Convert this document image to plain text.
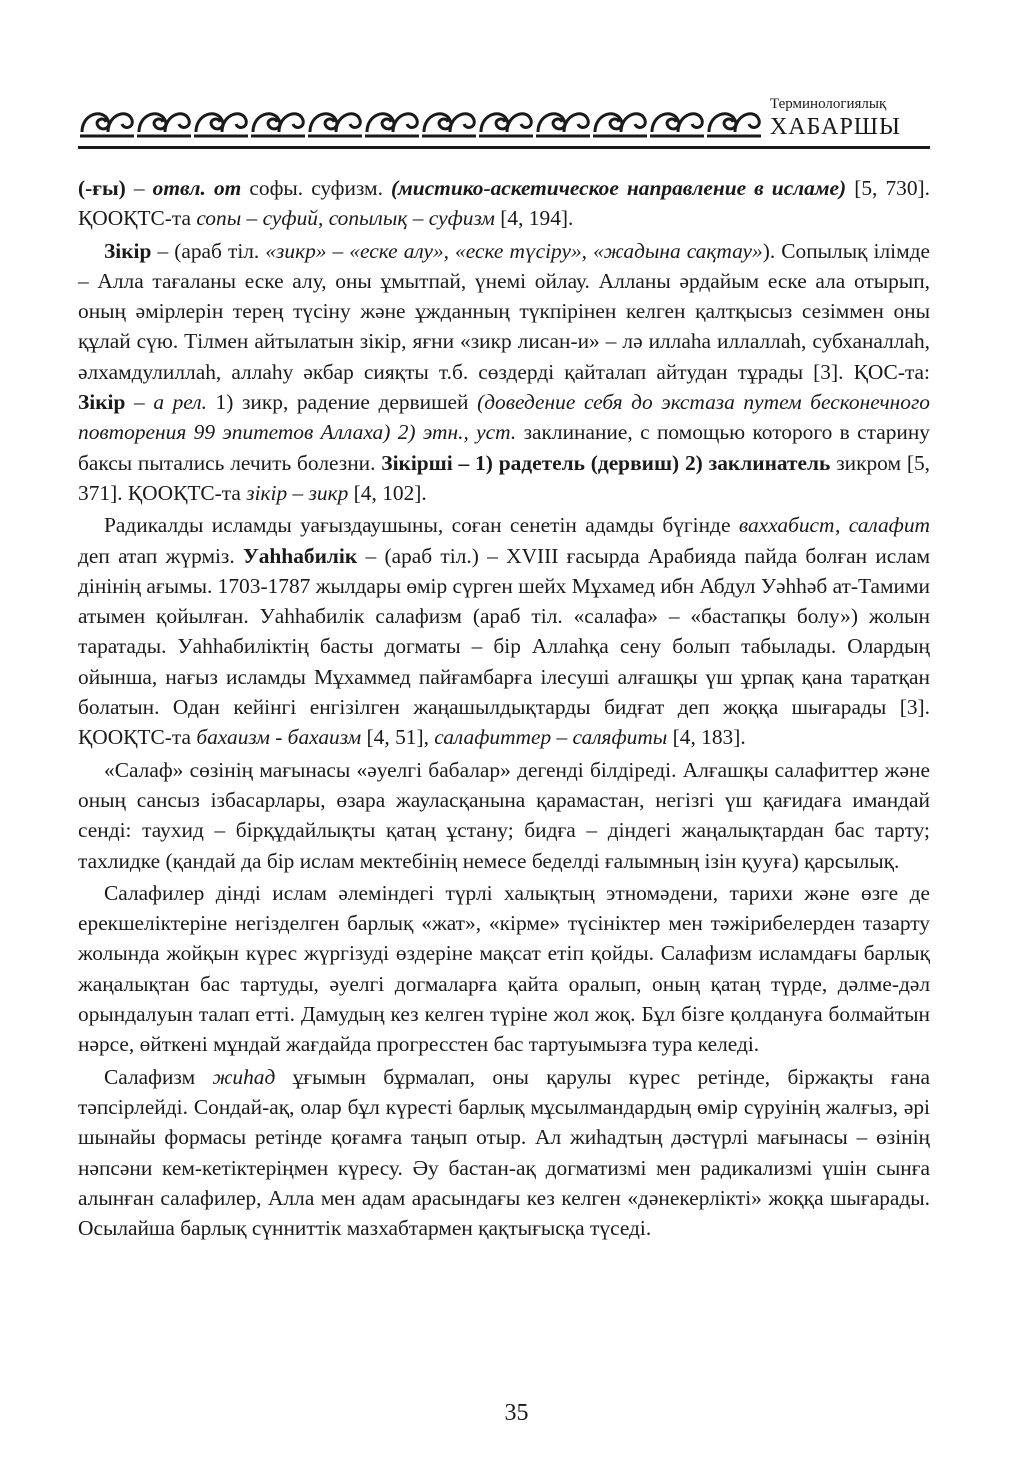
Терминологиялық
ХАБАРШЫ

(-ғы) – отвл. от софы. суфизм. (мистико-аскетическое направление в исламе) [5, 730]. ҚООҚТС-та сопы – суфий, сопылық – суфизм [4, 194].

Зікір – (араб тіл. «зикр» – «еске алу», «еске түсіру», «жадына сақтау»). Сопылық ілімде – Алла тағаланы еске алу, оны ұмытпай, үнемі ойлау. Алланы әрдайым еске ала отырып, оның әмірлерін терең түсіну және ұжданның түкпірінен келген қалтқысыз сезіммен оны құлай сүю. Тілмен айтылатын зікір, яғни «зикр лисан-и» – лә иллаһа иллаллаһ, субханаллаһ, әлхамдулиллаһ, аллаһу әкбар сияқты т.б. сөздерді қайталап айтудан тұрады [3]. ҚОС-та: Зікір – а рел. 1) зикр, радение дервишей (доведение себя до экстаза путем бесконечного повторения 99 эпитетов Аллаха) 2) этн., уст. заклинание, с помощью которого в старину баксы пытались лечить болезни. Зікірші – 1) радетель (дервиш) 2) заклинатель зикром [5, 371]. ҚООҚТС-та зікір – зикр [4, 102].

Радикалды исламды уағыздаушыны, соған сенетін адамды бүгінде ваххабист, салафит деп атап жүрміз. Уаһһабилік – (араб тіл.) – XVIII ғасырда Арабияда пайда болған ислам дінінің ағымы. 1703-1787 жылдары өмір сүрген шейх Мұхамед ибн Абдул Уәһһәб ат-Тамими атымен қойылған. Уаһһабилік салафизм (араб тіл. «салафа» – «бастапқы болу») жолын таратады. Уаһһабиліктің басты догматы – бір Аллаһқа сену болып табылады. Олардың ойынша, нағыз исламды Мұхаммед пайғамбарға ілесуші алғашқы үш ұрпақ қана таратқан болатын. Одан кейінгі енгізілген жаңашылдықтарды бидғат деп жоққа шығарады [3]. ҚООҚТС-та бахаизм - бахаизм [4, 51], салафиттер – саляфиты [4, 183].

«Салаф» сөзінің мағынасы «әуелгі бабалар» дегенді білдіреді. Алғашқы салафиттер және оның сансыз ізбасарлары, өзара жауласқанына қарамастан, негізгі үш қағидаға имандай сенді: таухид – бірқұдайлықты қатаң ұстану; бидға – діндегі жаңалықтардан бас тарту; тахлидке (қандай да бір ислам мектебінің немесе беделді ғалымның ізін қууға) қарсылық.

Салафилер дінді ислам әлеміндегі түрлі халықтың этномәдени, тарихи және өзге де ерекшеліктеріне негізделген барлық «жат», «кірме» түсініктер мен тәжірибелерден тазарту жолында жойқын күрес жүргізуді өздеріне мақсат етіп қойды. Салафизм исламдағы барлық жаңалықтан бас тартуды, әуелгі догмаларға қайта оралып, оның қатаң түрде, дәлме-дәл орындалуын талап етті. Дамудың кез келген түріне жол жоқ. Бұл бізге қолдануға болмайтын нәрсе, өйткені мұндай жағдайда прогресстен бас тартуымызға тура келеді.

Салафизм жиһад ұғымын бұрмалап, оны қарулы күрес ретінде, біржақты ғана тәпсірлейді. Сондай-ақ, олар бұл күресті барлық мұсылмандардың өмір сүруінің жалғыз, әрі шынайы формасы ретінде қоғамға таңып отыр. Ал жиһадтың дәстүрлі мағынасы – өзінің нәпсәни кем-кетіктеріңмен күресу. Әу бастан-ақ догматизмі мен радикализмі үшін сынға алынған салафилер, Алла мен адам арасындағы кез келген «дәнекерлікті» жоққа шығарады. Осылайша барлық сүнниттік мазхабтармен қақтығысқа түседі.

35
